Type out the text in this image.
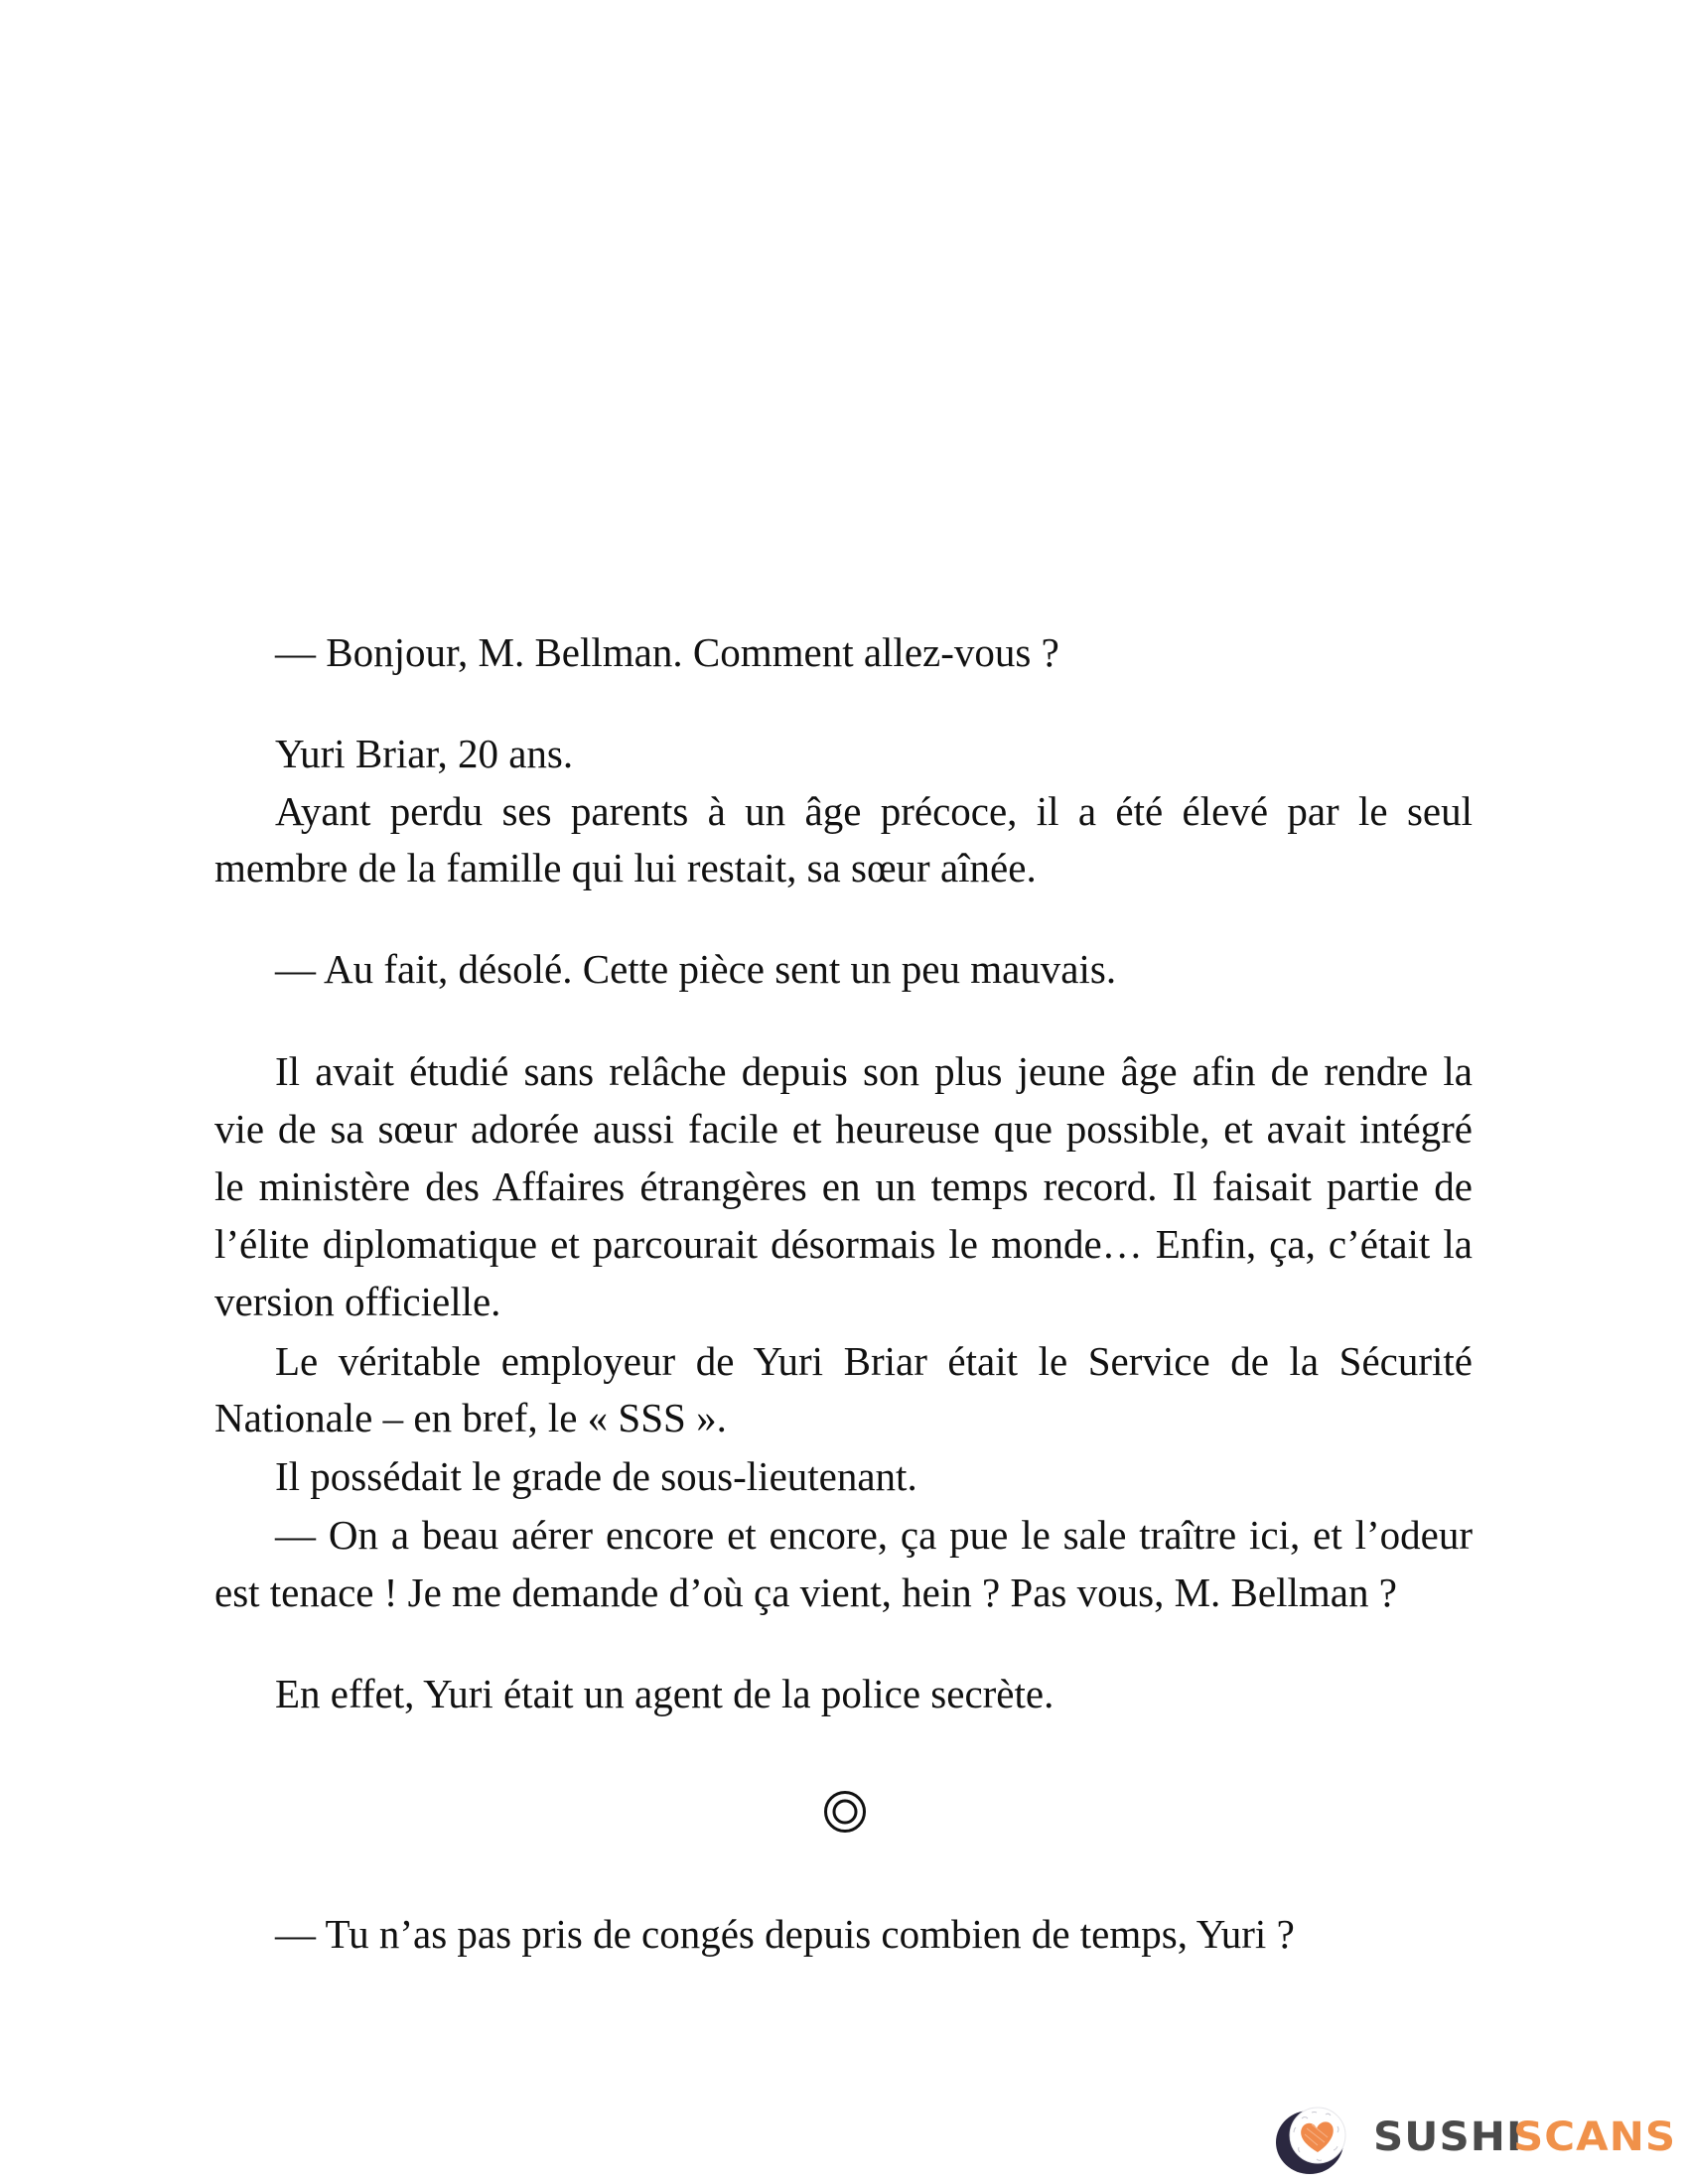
— Bonjour, M. Bellman. Comment allez-vous ?
Yuri Briar, 20 ans.
Ayant perdu ses parents à un âge précoce, il a été élevé par le seul
membre de la famille qui lui restait, sa sœur aînée.
— Au fait, désolé. Cette pièce sent un peu mauvais.
Il avait étudié sans relâche depuis son plus jeune âge afin de rendre la
vie de sa sœur adorée aussi facile et heureuse que possible, et avait intégré
le ministère des Affaires étrangères en un temps record. Il faisait partie de
l’élite diplomatique et parcourait désormais le monde… Enfin, ça, c’était la
version officielle.
Le véritable employeur de Yuri Briar était le Service de la Sécurité
Nationale – en bref, le « SSS ».
Il possédait le grade de sous-lieutenant.
— On a beau aérer encore et encore, ça pue le sale traître ici, et l’odeur
est tenace ! Je me demande d’où ça vient, hein ? Pas vous, M. Bellman ?
En effet, Yuri était un agent de la police secrète.
— Tu n’as pas pris de congés depuis combien de temps, Yuri ?
SUSHI
SCANS
